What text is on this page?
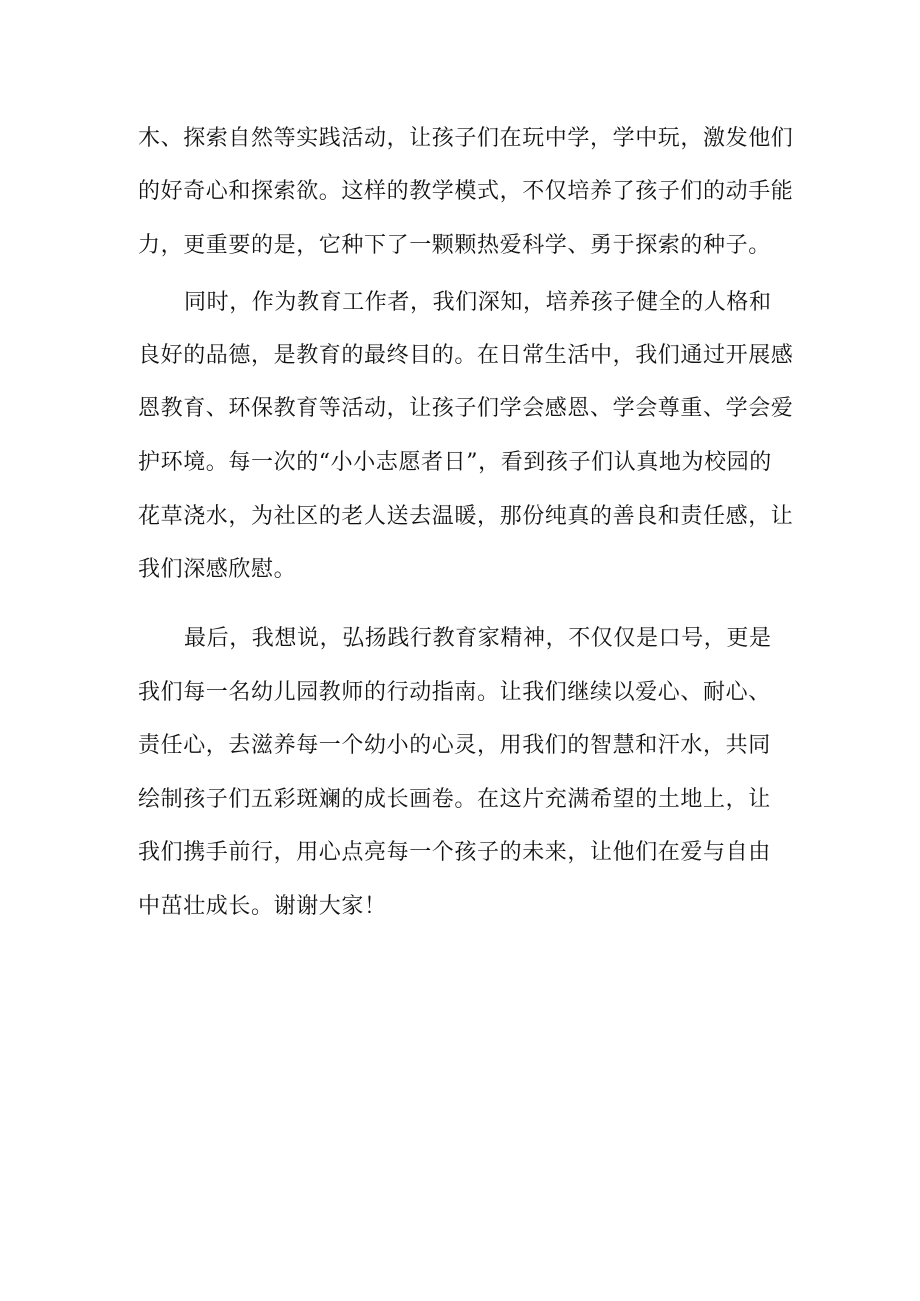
木、探索自然等实践活动，让孩子们在玩中学，学中玩，激发他们
的好奇心和探索欲。这样的教学模式，不仅培养了孩子们的动手能
力，更重要的是，它种下了一颗颗热爱科学、勇于探索的种子。
同时，作为教育工作者，我们深知，培养孩子健全的人格和
良好的品德，是教育的最终目的。在日常生活中，我们通过开展感
恩教育、环保教育等活动，让孩子们学会感恩、学会尊重、学会爱
护环境。每一次的“小小志愿者日”，看到孩子们认真地为校园的
花草浇水，为社区的老人送去温暖，那份纯真的善良和责任感，让
我们深感欣慰。
最后，我想说，弘扬践行教育家精神，不仅仅是口号，更是
我们每一名幼儿园教师的行动指南。让我们继续以爱心、耐心、
责任心，去滋养每一个幼小的心灵，用我们的智慧和汗水，共同
绘制孩子们五彩斑斓的成长画卷。在这片充满希望的土地上，让
我们携手前行，用心点亮每一个孩子的未来，让他们在爱与自由
中茁壮成长。谢谢大家！
